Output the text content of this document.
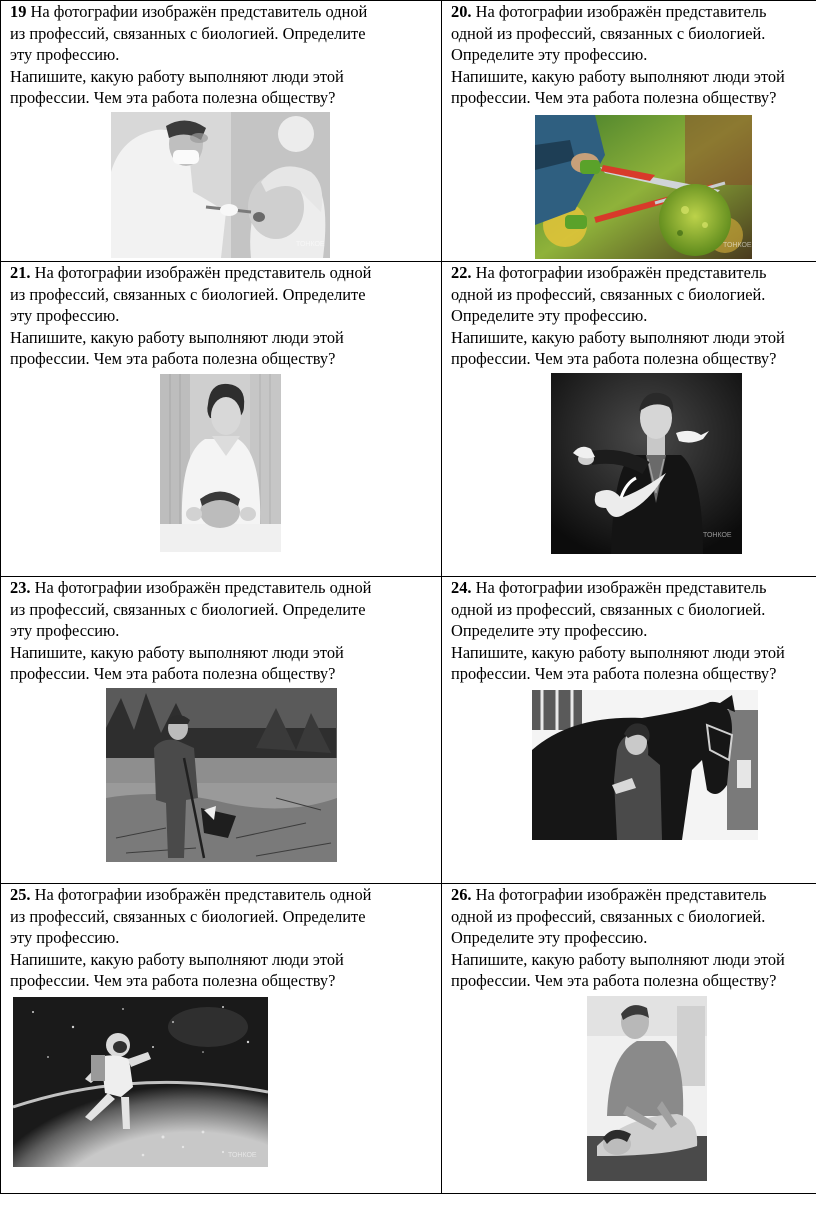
19 На фотографии изображён представитель одной
из профессий, связанных с биологией. Определите
эту профессию.
Напишите, какую работу выполняют люди этой
профессии. Чем эта работа полезна обществу?

20. На фотографии изображён представитель
одной из профессий, связанных с биологией.
Определите эту профессию.
Напишите, какую работу выполняют люди этой
профессии. Чем эта работа полезна обществу?

21. На фотографии изображён представитель одной
из профессий, связанных с биологией. Определите
эту профессию.
Напишите, какую работу выполняют люди этой
профессии. Чем эта работа полезна обществу?

22. На фотографии изображён представитель
одной из профессий, связанных с биологией.
Определите эту профессию.
Напишите, какую работу выполняют люди этой
профессии. Чем эта работа полезна обществу?

23. На фотографии изображён представитель одной
из профессий, связанных с биологией. Определите
эту профессию.
Напишите, какую работу выполняют люди этой
профессии. Чем эта работа полезна обществу?

24. На фотографии изображён представитель
одной из профессий, связанных с биологией.
Определите эту профессию.
Напишите, какую работу выполняют люди этой
профессии. Чем эта работа полезна обществу?

25. На фотографии изображён представитель одной
из профессий, связанных с биологией. Определите
эту профессию.
Напишите, какую работу выполняют люди этой
профессии. Чем эта работа полезна обществу?

26. На фотографии изображён представитель
одной из профессий, связанных с биологией.
Определите эту профессию.
Напишите, какую работу выполняют люди этой
профессии. Чем эта работа полезна обществу?

ТОНКОЕ	ТОНКОЕ
ТОНКОЕ
ТОНКОЕ
